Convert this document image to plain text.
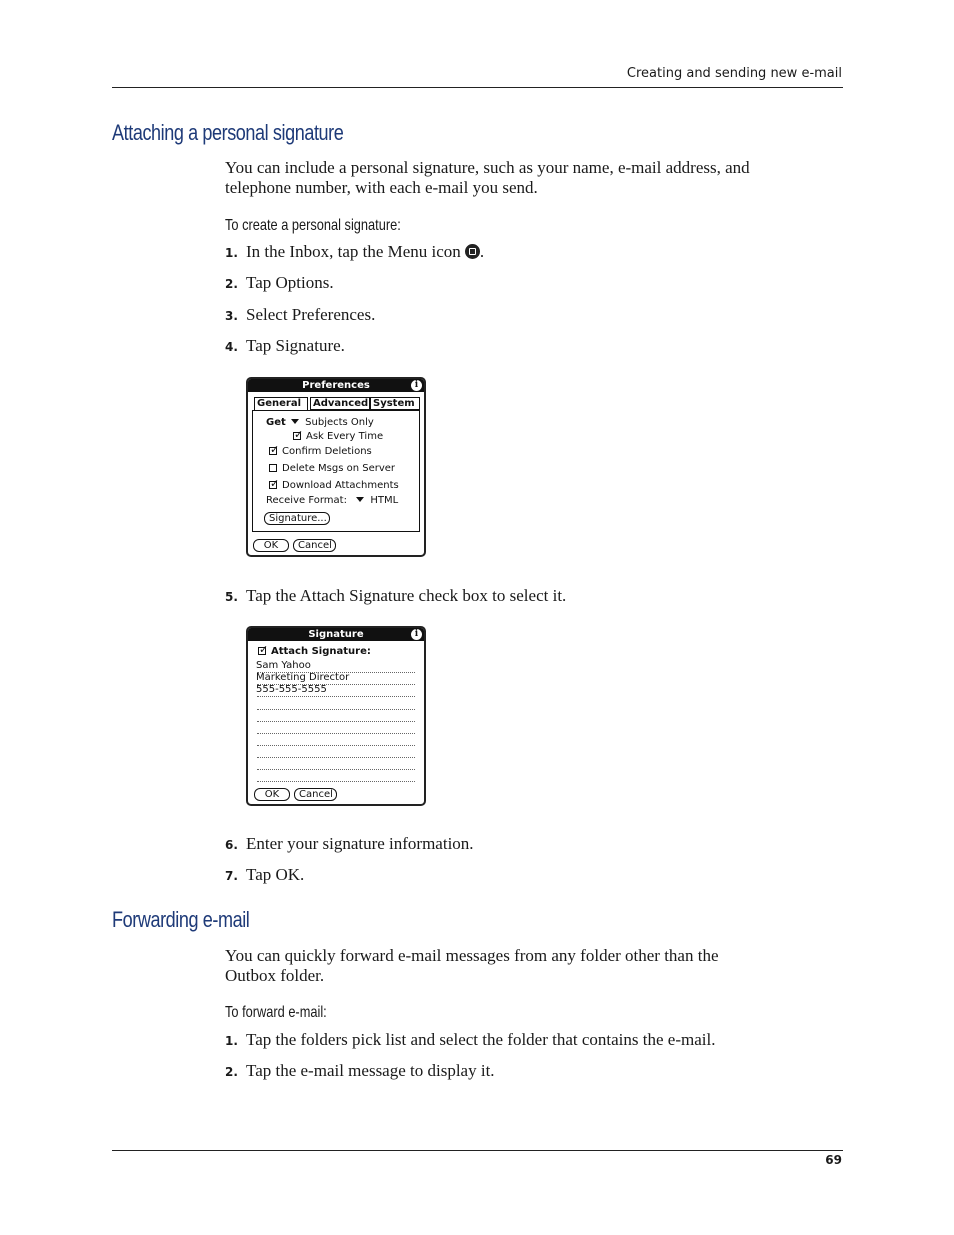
Creating and sending new e-mail
Attaching a personal signature
You can include a personal signature, such as your name, e-mail address, and
telephone number, with each e-mail you send.
To create a personal signature:
1. In the Inbox, tap the Menu icon .
2. Tap Options.
3. Select Preferences.
4. Tap Signature.
Preferences	i
General	Advanced System
Get Subjects Only
✓Ask Every Time
✓Confirm Deletions
Delete Msgs on Server
✓Download Attachments
Receive Format: HTML
Signature...
OK	Cancel
5. Tap the Attach Signature check box to select it.
Signature	i
✓Attach Signature:
Sam Yahoo
Marketing Director
555-555-5555
OK	Cancel
6. Enter your signature information.
7. Tap OK.
Forwarding e-mail
You can quickly forward e-mail messages from any folder other than the
Outbox folder.
To forward e-mail:
1. Tap the folders pick list and select the folder that contains the e-mail.
2. Tap the e-mail message to display it.
69
